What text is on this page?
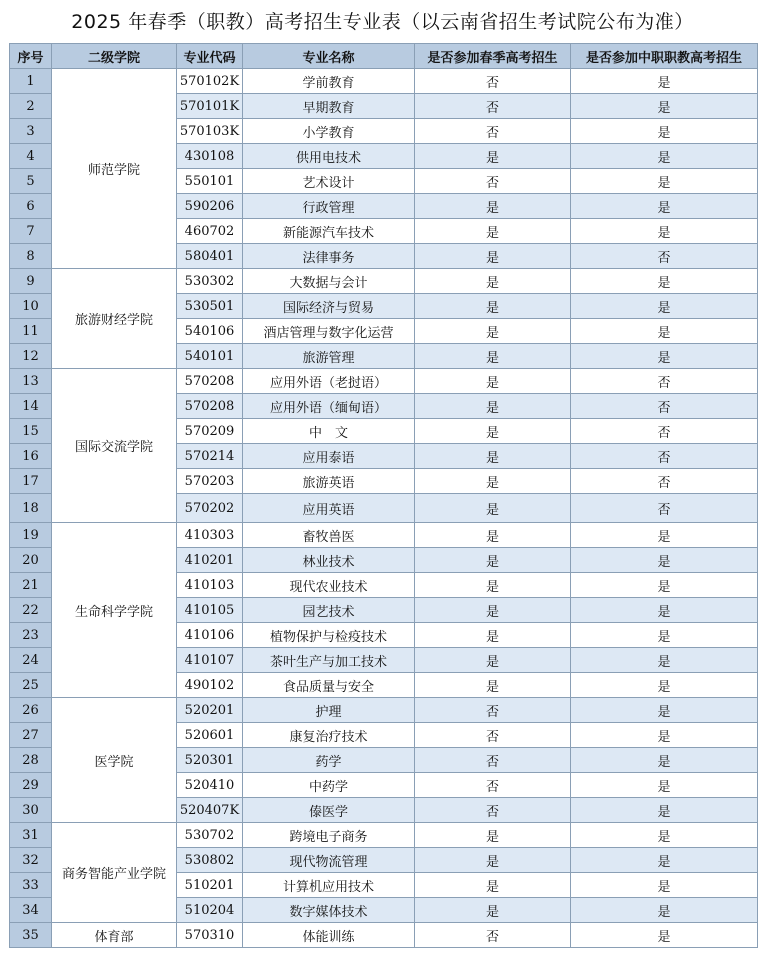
2025 年春季（职教）高考招生专业表（以云南省招生考试院公布为准）
序号	二级学院	专业代码	专业名称	是否参加春季高考招生	是否参加中职职教高考招生
1	师范学院	570102K	学前教育	否	是
2		570101K	早期教育	否	是
3		570103K	小学教育	否	是
4		430108	供用电技术	是	是
5		550101	艺术设计	否	是
6		590206	行政管理	是	是
7		460702	新能源汽车技术	是	是
8		580401	法律事务	是	否
9	旅游财经学院	530302	大数据与会计	是	是
10		530501	国际经济与贸易	是	是
11		540106	酒店管理与数字化运营	是	是
12		540101	旅游管理	是	是
13	国际交流学院	570208	应用外语（老挝语）	是	否
14		570208	应用外语（缅甸语）	是	否
15		570209	中　文	是	否
16		570214	应用泰语	是	否
17		570203	旅游英语	是	否
18		570202	应用英语	是	否
19	生命科学学院	410303	畜牧兽医	是	是
20		410201	林业技术	是	是
21		410103	现代农业技术	是	是
22		410105	园艺技术	是	是
23		410106	植物保护与检疫技术	是	是
24		410107	茶叶生产与加工技术	是	是
25		490102	食品质量与安全	是	是
26	医学院	520201	护理	否	是
27		520601	康复治疗技术	否	是
28		520301	药学	否	是
29		520410	中药学	否	是
30		520407K	傣医学	否	是
31	商务智能产业学院	530702	跨境电子商务	是	是
32		530802	现代物流管理	是	是
33		510201	计算机应用技术	是	是
34		510204	数字媒体技术	是	是
35	体育部	570310	体能训练	否	是
